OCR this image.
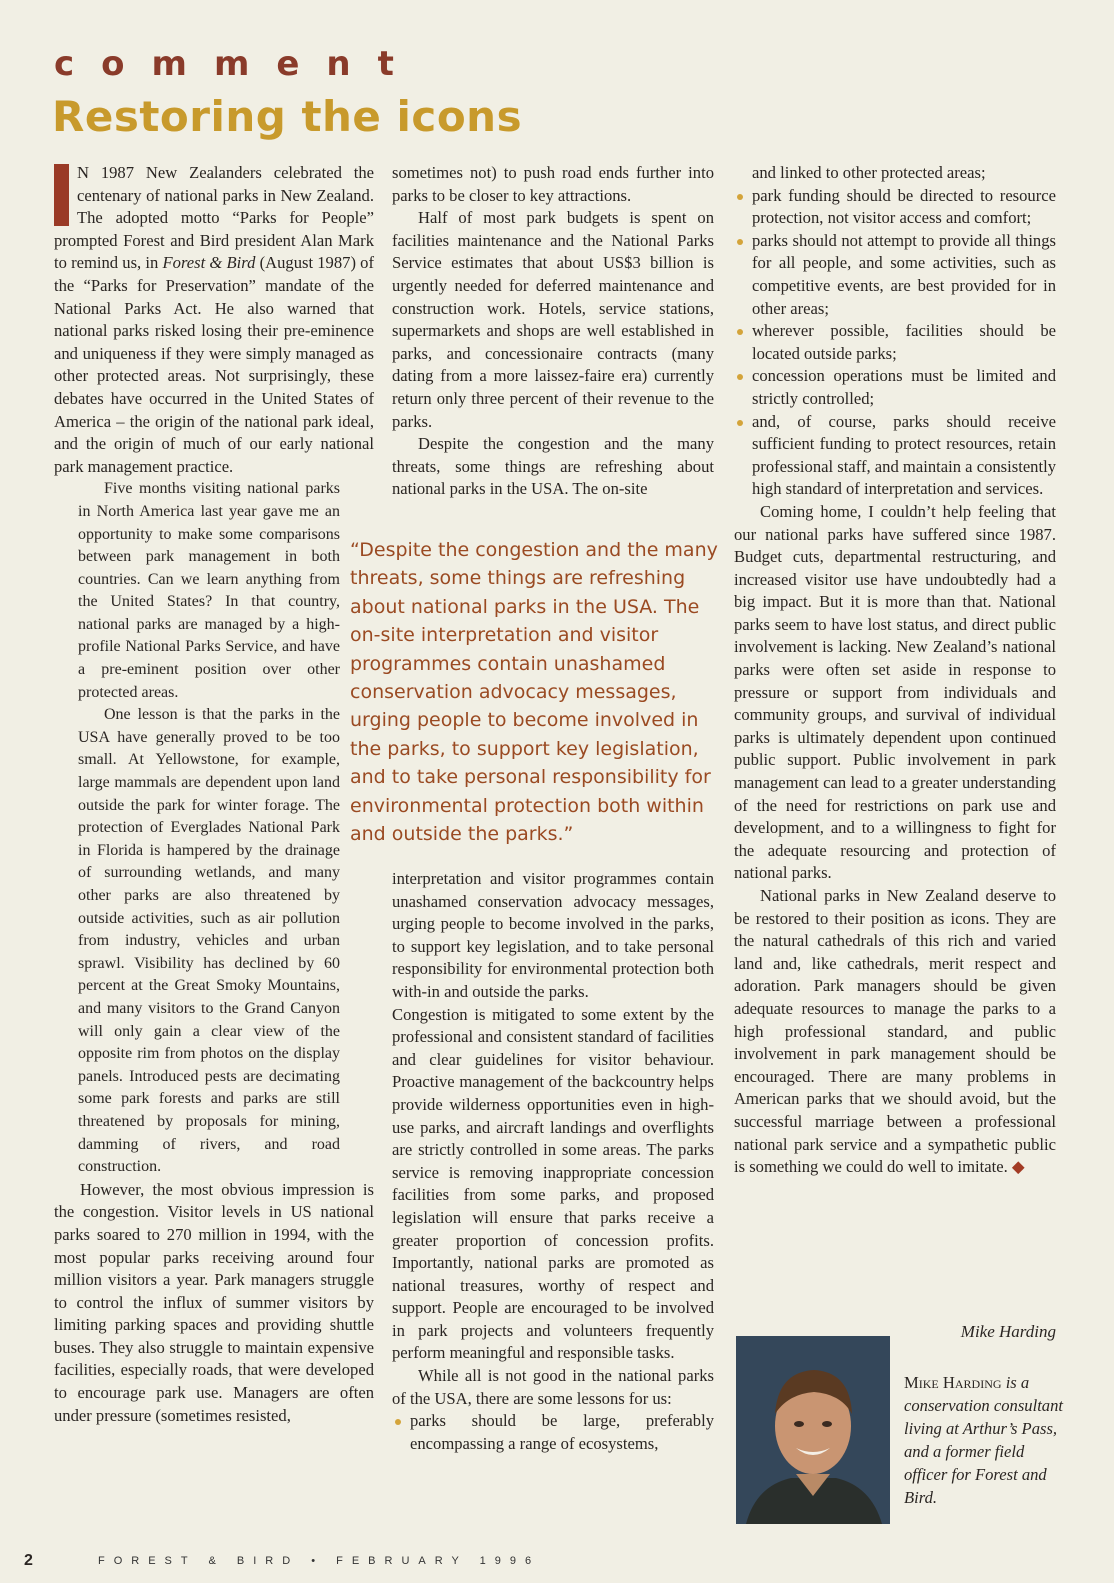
comment
Restoring the icons

N 1987 New Zealanders celebrated the centenary of national parks in New Zealand. The adopted motto “Parks for People” prompted Forest and Bird president Alan Mark to remind us, in Forest & Bird (August 1987) of the “Parks for Preservation” mandate of the National Parks Act. He also warned that national parks risked losing their pre-eminence and uniqueness if they were simply managed as other protected areas. Not surprisingly, these debates have occurred in the United States of America – the origin of the national park ideal, and the origin of much of our early national park management practice.

Five months visiting national parks in North America last year gave me an opportunity to make some comparisons between park management in both countries. Can we learn anything from the United States? In that country, national parks are managed by a high-profile National Parks Service, and have a pre-eminent position over other protected areas.

One lesson is that the parks in the USA have generally proved to be too small. At Yellowstone, for example, large mammals are dependent upon land outside the park for winter forage. The protection of Everglades National Park in Florida is hampered by the drainage of surrounding wetlands, and many other parks are also threatened by outside activities, such as air pollution from industry, vehicles and urban sprawl. Visibility has declined by 60 percent at the Great Smoky Mountains, and many visitors to the Grand Canyon will only gain a clear view of the opposite rim from photos on the display panels. Introduced pests are decimating some park forests and parks are still threatened by proposals for mining, damming of rivers, and road construction.

However, the most obvious impression is the congestion. Visitor levels in US national parks soared to 270 million in 1994, with the most popular parks receiving around four million visitors a year. Park managers struggle to control the influx of summer visitors by limiting parking spaces and providing shuttle buses. They also struggle to maintain expensive facilities, especially roads, that were developed to encourage park use. Managers are often under pressure (sometimes resisted,

sometimes not) to push road ends further into parks to be closer to key attractions.

Half of most park budgets is spent on facilities maintenance and the National Parks Service estimates that about US$3 billion is urgently needed for deferred maintenance and construction work. Hotels, service stations, supermarkets and shops are well established in parks, and concessionaire contracts (many dating from a more laissez-faire era) currently return only three percent of their revenue to the parks.

Despite the congestion and the many threats, some things are refreshing about national parks in the USA. The on-site

“Despite the congestion and the many threats, some things are refreshing about national parks in the USA. The on-site interpretation and visitor programmes contain unashamed conservation advocacy messages, urging people to become involved in the parks, to support key legislation, and to take personal responsibility for environmental protection both within and outside the parks.”

interpretation and visitor programmes contain unashamed conservation advocacy messages, urging people to become involved in the parks, to support key legislation, and to take personal responsibility for environmental protection both with-in and outside the parks.

Congestion is mitigated to some extent by the professional and consistent standard of facilities and clear guidelines for visitor behaviour. Proactive management of the backcountry helps provide wilderness opportunities even in high-use parks, and aircraft landings and overflights are strictly controlled in some areas. The parks service is removing inappropriate concession facilities from some parks, and proposed legislation will ensure that parks receive a greater proportion of concession profits. Importantly, national parks are promoted as national treasures, worthy of respect and support. People are encouraged to be involved in park projects and volunteers frequently perform meaningful and responsible tasks.

While all is not good in the national parks of the USA, there are some lessons for us:

parks should be large, preferably encompassing a range of ecosystems,

and linked to other protected areas;

park funding should be directed to resource protection, not visitor access and comfort;
parks should not attempt to provide all things for all people, and some activities, such as competitive events, are best provided for in other areas;
wherever possible, facilities should be located outside parks;
concession operations must be limited and strictly controlled;
and, of course, parks should receive sufficient funding to protect resources, retain professional staff, and maintain a consistently high standard of interpretation and services.

Coming home, I couldn’t help feeling that our national parks have suffered since 1987. Budget cuts, departmental restructuring, and increased visitor use have undoubtedly had a big impact. But it is more than that. National parks seem to have lost status, and direct public involvement is lacking. New Zealand’s national parks were often set aside in response to pressure or support from individuals and community groups, and survival of individual parks is ultimately dependent upon continued public support. Public involvement in park management can lead to a greater understanding of the need for restrictions on park use and development, and to a willingness to fight for the adequate resourcing and protection of national parks.

National parks in New Zealand deserve to be restored to their position as icons. They are the natural cathedrals of this rich and varied land and, like cathedrals, merit respect and adoration. Park managers should be given adequate resources to manage the parks to a high professional standard, and public involvement in park management should be encouraged. There are many problems in American parks that we should avoid, but the successful marriage between a professional national park service and a sympathetic public is something we could do well to imitate. ◆

Mike Harding
Mike Harding is a conservation consultant living at Arthur’s Pass, and a former field officer for Forest and Bird.
2	FOREST & BIRD • FEBRUARY 1996
